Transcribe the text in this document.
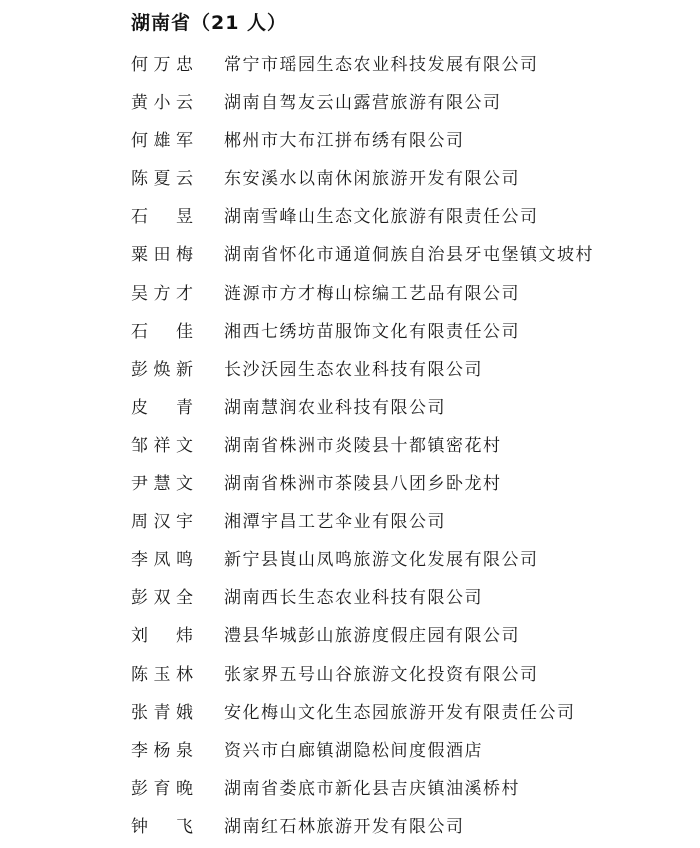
湖南省（21 人）
何万忠 常宁市瑶园生态农业科技发展有限公司
黄小云 湖南自驾友云山露营旅游有限公司
何雄军 郴州市大布江拼布绣有限公司
陈夏云 东安溪水以南休闲旅游开发有限公司
石 昱 湖南雪峰山生态文化旅游有限责任公司
粟田梅 湖南省怀化市通道侗族自治县牙屯堡镇文坡村
吴方才 涟源市方才梅山棕编工艺品有限公司
石 佳 湘西七绣坊苗服饰文化有限责任公司
彭焕新 长沙沃园生态农业科技有限公司
皮 青 湖南慧润农业科技有限公司
邹祥文 湖南省株洲市炎陵县十都镇密花村
尹慧文 湖南省株洲市茶陵县八团乡卧龙村
周汉宇 湘潭宇昌工艺伞业有限公司
李凤鸣 新宁县崀山凤鸣旅游文化发展有限公司
彭双全 湖南西长生态农业科技有限公司
刘 炜 澧县华城彭山旅游度假庄园有限公司
陈玉林 张家界五号山谷旅游文化投资有限公司
张青娥 安化梅山文化生态园旅游开发有限责任公司
李杨泉 资兴市白廊镇湖隐松间度假酒店
彭育晚 湖南省娄底市新化县吉庆镇油溪桥村
钟 飞 湖南红石林旅游开发有限公司
